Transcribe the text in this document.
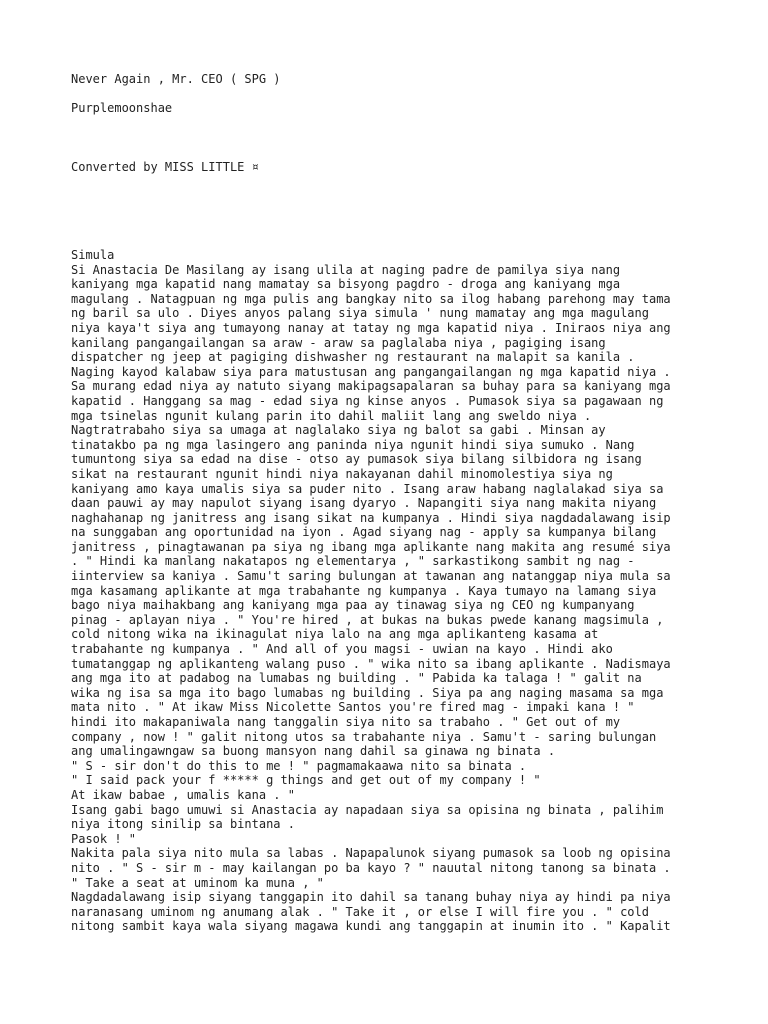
Never Again , Mr. CEO ( SPG )
Purplemoonshae
Converted by MISS LITTLE ¤
Simula
Si Anastacia De Masilang ay isang ulila at naging padre de pamilya siya nang
kaniyang mga kapatid nang mamatay sa bisyong pagdro - droga ang kaniyang mga
magulang . Natagpuan ng mga pulis ang bangkay nito sa ilog habang parehong may tama
ng baril sa ulo . Diyes anyos palang siya simula ' nung mamatay ang mga magulang
niya kaya't siya ang tumayong nanay at tatay ng mga kapatid niya . Iniraos niya ang
kanilang pangangailangan sa araw - araw sa paglalaba niya , pagiging isang
dispatcher ng jeep at pagiging dishwasher ng restaurant na malapit sa kanila .
Naging kayod kalabaw siya para matustusan ang pangangailangan ng mga kapatid niya .
Sa murang edad niya ay natuto siyang makipagsapalaran sa buhay para sa kaniyang mga
kapatid . Hanggang sa mag - edad siya ng kinse anyos . Pumasok siya sa pagawaan ng
mga tsinelas ngunit kulang parin ito dahil maliit lang ang sweldo niya .
Nagtratrabaho siya sa umaga at naglalako siya ng balot sa gabi . Minsan ay
tinatakbo pa ng mga lasingero ang paninda niya ngunit hindi siya sumuko . Nang
tumuntong siya sa edad na dise - otso ay pumasok siya bilang silbidora ng isang
sikat na restaurant ngunit hindi niya nakayanan dahil minomolestiya siya ng
kaniyang amo kaya umalis siya sa puder nito . Isang araw habang naglalakad siya sa
daan pauwi ay may napulot siyang isang dyaryo . Napangiti siya nang makita niyang
naghahanap ng janitress ang isang sikat na kumpanya . Hindi siya nagdadalawang isip
na sunggaban ang oportunidad na iyon . Agad siyang nag - apply sa kumpanya bilang
janitress , pinagtawanan pa siya ng ibang mga aplikante nang makita ang resumé siya
. " Hindi ka manlang nakatapos ng elementarya , " sarkastikong sambit ng nag -
iinterview sa kaniya . Samu't saring bulungan at tawanan ang natanggap niya mula sa
mga kasamang aplikante at mga trabahante ng kumpanya . Kaya tumayo na lamang siya
bago niya maihakbang ang kaniyang mga paa ay tinawag siya ng CEO ng kumpanyang
pinag - aplayan niya . " You're hired , at bukas na bukas pwede kanang magsimula ,
cold nitong wika na ikinagulat niya lalo na ang mga aplikanteng kasama at
trabahante ng kumpanya . " And all of you magsi - uwian na kayo . Hindi ako
tumatanggap ng aplikanteng walang puso . " wika nito sa ibang aplikante . Nadismaya
ang mga ito at padabog na lumabas ng building . " Pabida ka talaga ! " galit na
wika ng isa sa mga ito bago lumabas ng building . Siya pa ang naging masama sa mga
mata nito . " At ikaw Miss Nicolette Santos you're fired mag - impaki kana ! "
hindi ito makapaniwala nang tanggalin siya nito sa trabaho . " Get out of my
company , now ! " galit nitong utos sa trabahante niya . Samu't - saring bulungan
ang umalingawngaw sa buong mansyon nang dahil sa ginawa ng binata .
" S - sir don't do this to me ! " pagmamakaawa nito sa binata .
" I said pack your f ***** g things and get out of my company ! "
At ikaw babae , umalis kana . "
Isang gabi bago umuwi si Anastacia ay napadaan siya sa opisina ng binata , palihim
niya itong sinilip sa bintana .
Pasok ! "
Nakita pala siya nito mula sa labas . Napapalunok siyang pumasok sa loob ng opisina
nito . " S - sir m - may kailangan po ba kayo ? " nauutal nitong tanong sa binata .
" Take a seat at uminom ka muna , "
Nagdadalawang isip siyang tanggapin ito dahil sa tanang buhay niya ay hindi pa niya
naranasang uminom ng anumang alak . " Take it , or else I will fire you . " cold
nitong sambit kaya wala siyang magawa kundi ang tanggapin at inumin ito . " Kapalit
